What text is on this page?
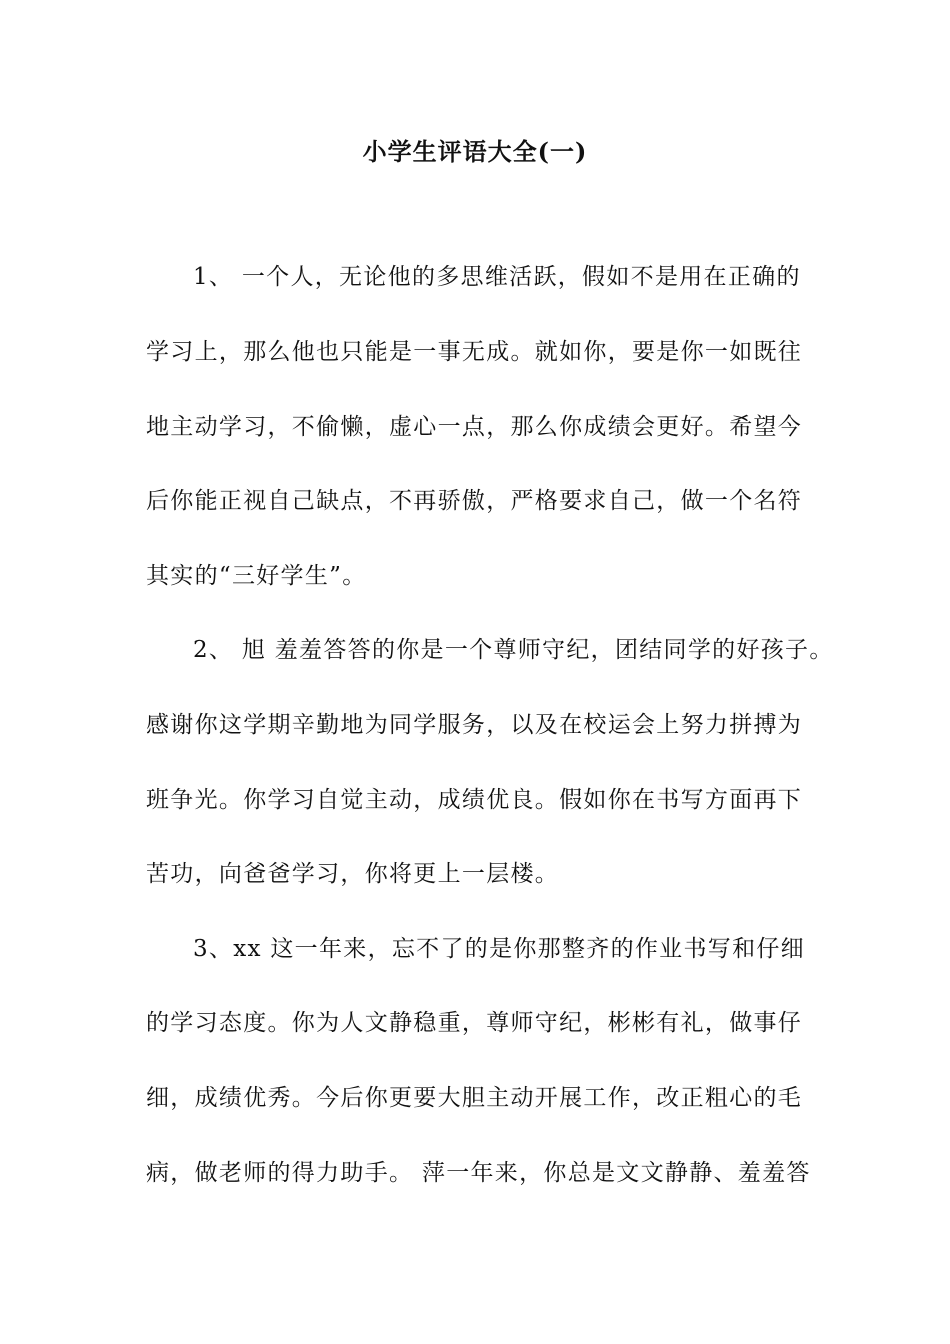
小学生评语大全(一)
1、 一个人，无论他的多思维活跃，假如不是用在正确的
学习上，那么他也只能是一事无成。就如你，要是你一如既往
地主动学习，不偷懒，虚心一点，那么你成绩会更好。希望今
后你能正视自己缺点，不再骄傲，严格要求自己，做一个名符
其实的“三好学生”。
2、 旭 羞羞答答的你是一个尊师守纪，团结同学的好孩子。
感谢你这学期辛勤地为同学服务，以及在校运会上努力拼搏为
班争光。你学习自觉主动，成绩优良。假如你在书写方面再下
苦功，向爸爸学习，你将更上一层楼。
3、xx 这一年来，忘不了的是你那整齐的作业书写和仔细
的学习态度。你为人文静稳重，尊师守纪，彬彬有礼，做事仔
细，成绩优秀。今后你更要大胆主动开展工作，改正粗心的毛
病，做老师的得力助手。 萍一年来，你总是文文静静、羞羞答
